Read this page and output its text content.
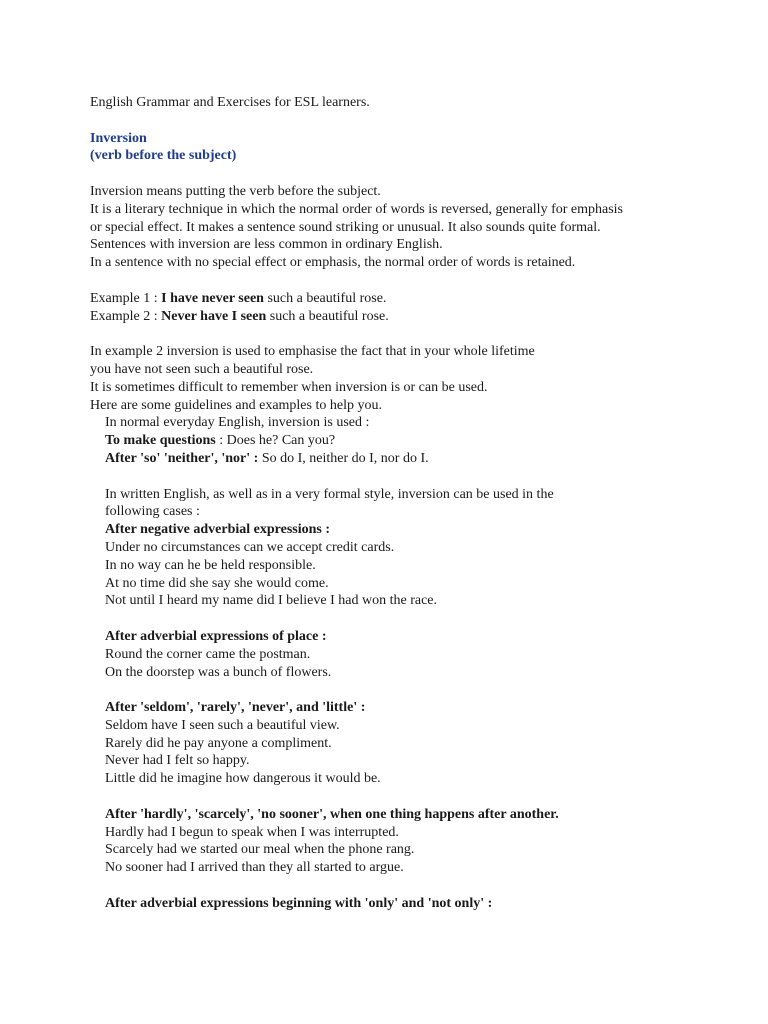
English Grammar and Exercises for ESL learners.
Inversion
(verb before the subject)
Inversion means putting the verb before the subject.
It is a literary technique in which the normal order of words is reversed, generally for emphasis
or special effect. It makes a sentence sound striking or unusual. It also sounds quite formal.
Sentences with inversion are less common in ordinary English.
In a sentence with no special effect or emphasis, the normal order of words is retained.
Example 1 : I have never seen such a beautiful rose.
Example 2 : Never have I seen such a beautiful rose.
In example 2 inversion is used to emphasise the fact that in your whole lifetime
you have not seen such a beautiful rose.
It is sometimes difficult to remember when inversion is or can be used.
Here are some guidelines and examples to help you.
In normal everyday English, inversion is used :
To make questions : Does he? Can you?
After 'so' 'neither', 'nor' : So do I, neither do I, nor do I.
In written English, as well as in a very formal style, inversion can be used in the
following cases :
After negative adverbial expressions :
Under no circumstances can we accept credit cards.
In no way can he be held responsible.
At no time did she say she would come.
Not until I heard my name did I believe I had won the race.
After adverbial expressions of place :
Round the corner came the postman.
On the doorstep was a bunch of flowers.
After 'seldom', 'rarely', 'never', and 'little' :
Seldom have I seen such a beautiful view.
Rarely did he pay anyone a compliment.
Never had I felt so happy.
Little did he imagine how dangerous it would be.
After 'hardly', 'scarcely', 'no sooner', when one thing happens after another.
Hardly had I begun to speak when I was interrupted.
Scarcely had we started our meal when the phone rang.
No sooner had I arrived than they all started to argue.
After adverbial expressions beginning with 'only' and 'not only' :
